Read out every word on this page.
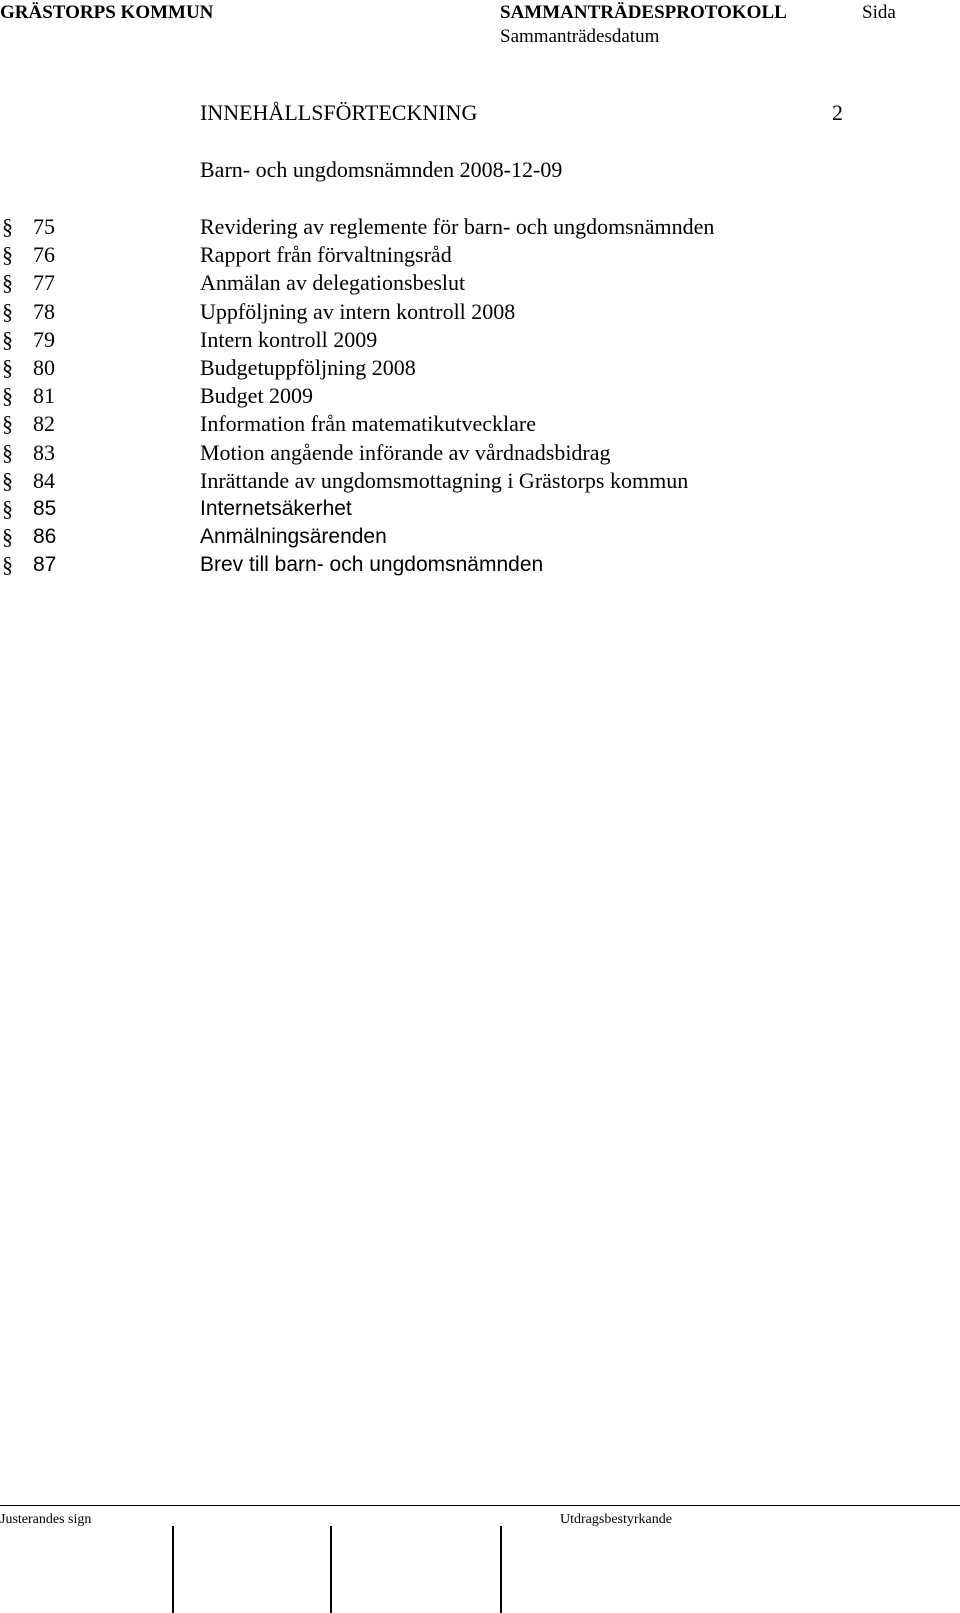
GRÄSTORPS KOMMUN	SAMMANTRÄDESPROTOKOLL	Sida
Sammanträdesdatum
INNEHÅLLSFÖRTECKNING	2
Barn- och ungdomsnämnden 2008-12-09
§ 75	Revidering av reglemente för barn- och ungdomsnämnden
§ 76	Rapport från förvaltningsråd
§ 77	Anmälan av delegationsbeslut
§ 78	Uppföljning av intern kontroll 2008
§ 79	Intern kontroll 2009
§ 80	Budgetuppföljning 2008
§ 81	Budget 2009
§ 82	Information från matematikutvecklare
§ 83	Motion angående införande av vårdnadsbidrag
§ 84	Inrättande av ungdomsmottagning i Grästorps kommun
§ 85	Internetsäkerhet
§ 86	Anmälningsärenden
§ 87	Brev till barn- och ungdomsnämnden
Justerandes sign	Utdragsbestyrkande
